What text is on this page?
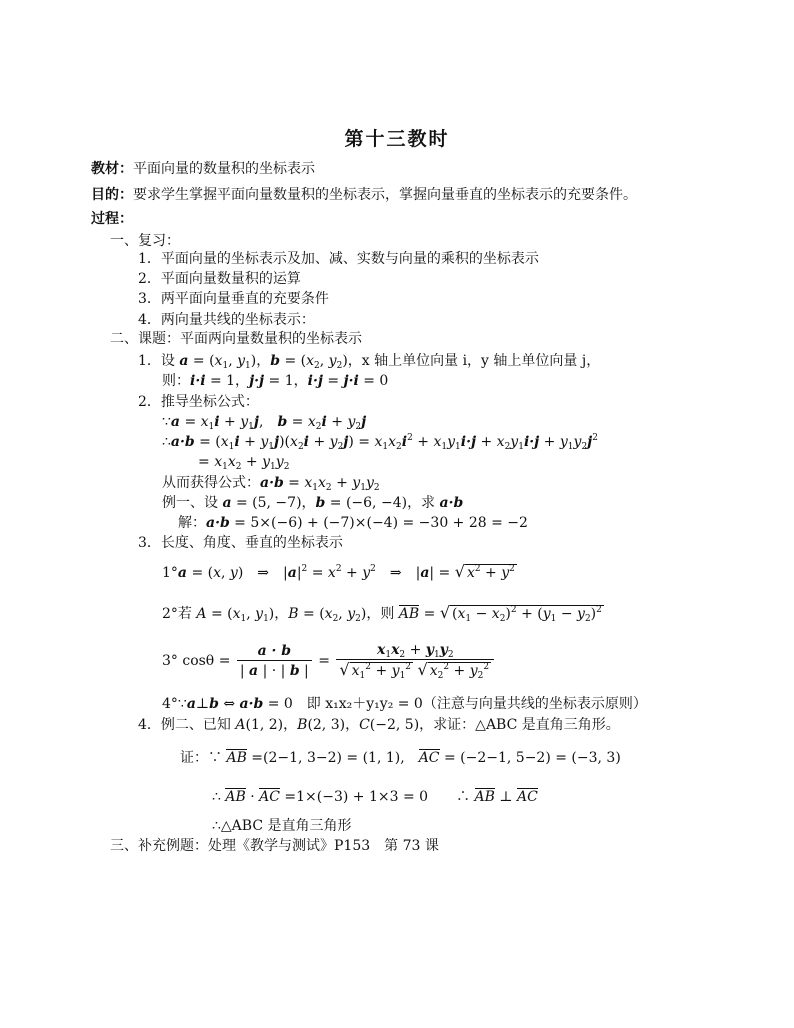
第十三教时
教材：平面向量的数量积的坐标表示
目的：要求学生掌握平面向量数量积的坐标表示，掌握向量垂直的坐标表示的充要条件。
过程：
一、复习：
1．平面向量的坐标表示及加、减、实数与向量的乘积的坐标表示
2．平面向量数量积的运算
3．两平面向量垂直的充要条件
4．两向量共线的坐标表示：
二、课题：平面两向量数量积的坐标表示
1．设 $a = (x_1$, $y_1$)，$b = (x_2$, $y_2$)，x 轴上单位向量 i，y 轴上单位向量 j，
则：i·i = 1，j·j = 1，i·j = j·i = 0
2．推导坐标公式：
∵a = $x_1i + y_1j$,　$b = x_2i + y_2j$
∴a·b = $(x_1i + y_1j)(x_2i + y_2j) = x_1x_2i^2 + x_1y_1i\cdot j + x_2y_1i\cdot j + y_1y_2j^2$
= $x_1x_2 + y_1y_2$
从而获得公式：$a\cdot b = x_1x_2 + y_1y_2$
例一、设 a = (5, −7)，b = (−6, −4)，求 a·b
解：a·b = 5×(−6) + (−7)×(−4) = −30 + 28 = −2
3．长度、角度、垂直的坐标表示
1°a = (x, y)　⇒　$|a|^2 = x^2 + y^2$　⇒　|a| = √ $x^2 + y^2$
2°若 $A = (x_1$, $y_1$)，$B = (x_2$, $y_2$)，则 AB = √ $(x_1 - x_2)^2 + (y_1 - y_2)^2$
3° $\cos\theta = \frac{a \cdot b}{| a | \cdot | b |} = \frac{x_1x_2 + y_1y_2}{√ x_1^2 + y_1^2 √ x_2^2 + y_2^2}$
4°∵a⊥b ⇔ a·b = 0　即 x₁x₂＋y₁y₂ = 0（注意与向量共线的坐标表示原则）
4．例二、已知 A(1, 2)，B(2, 3)，C(−2, 5)，求证：△ABC 是直角三角形。
证：∵ AB =(2−1, 3−2) = (1, 1),　AC = (−2−1, 5−2) = (−3, 3)
∴ AB · AC =1×(−3) + 1×3 = 0　　∴ AB ⊥ AC
∴△ABC 是直角三角形
三、补充例题：处理《教学与测试》P153　第 73 课
